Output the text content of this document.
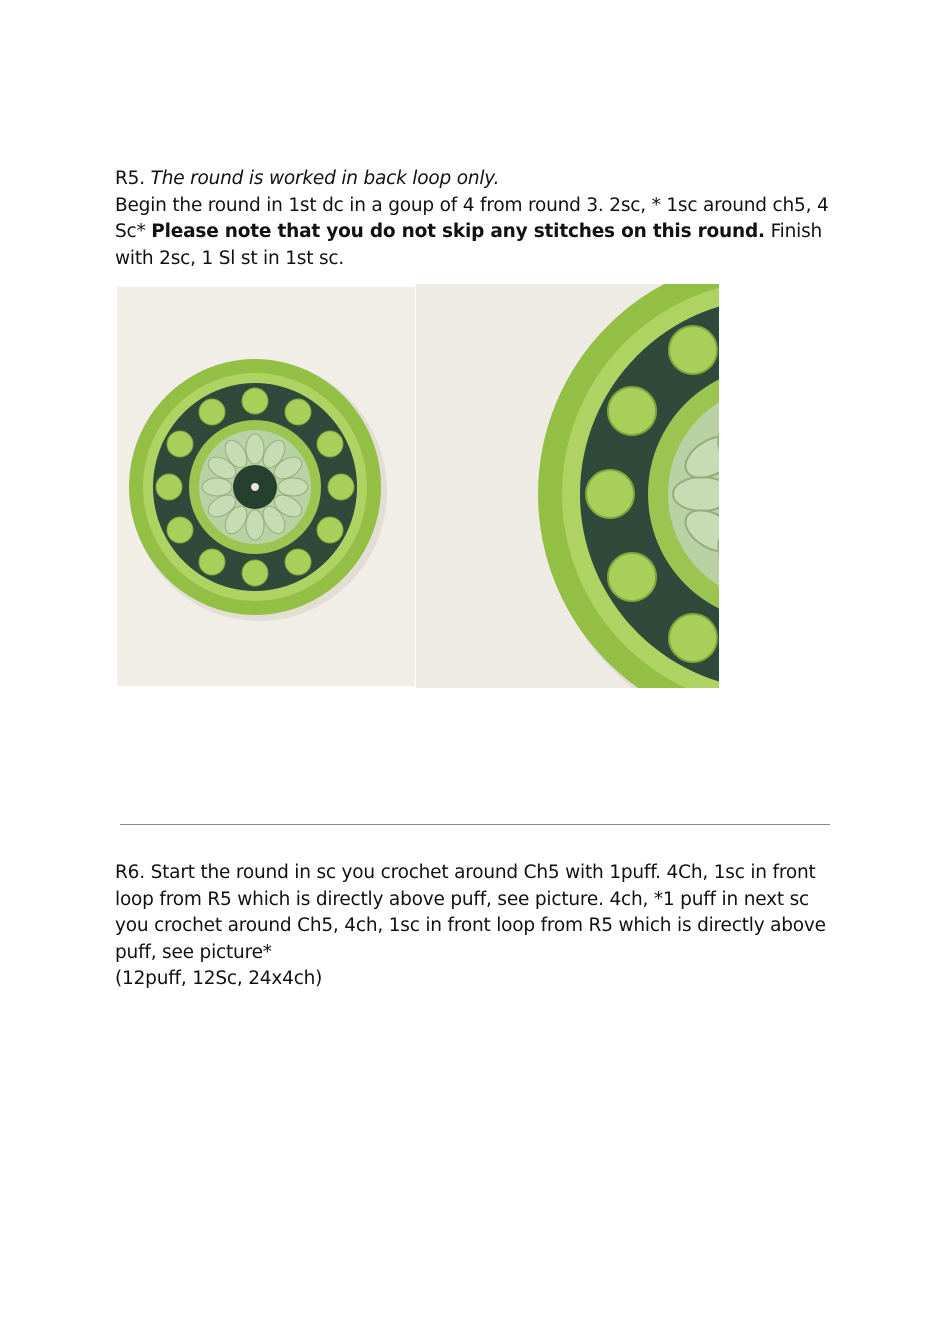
R5. The round is worked in back loop only.

Begin the round in 1st dc in a goup of 4 from round 3. 2sc, * 1sc around ch5, 4 Sc* Please note that you do not skip any stitches on this round. Finish with 2sc, 1 Sl st in 1st sc.

R6. Start the round in sc you crochet around Ch5 with 1puff. 4Ch, 1sc in front loop from R5 which is directly above puff, see picture. 4ch, *1 puff in next sc you crochet around Ch5, 4ch, 1sc in front loop from R5 which is directly above puff, see picture*

(12puff, 12Sc, 24x4ch)
